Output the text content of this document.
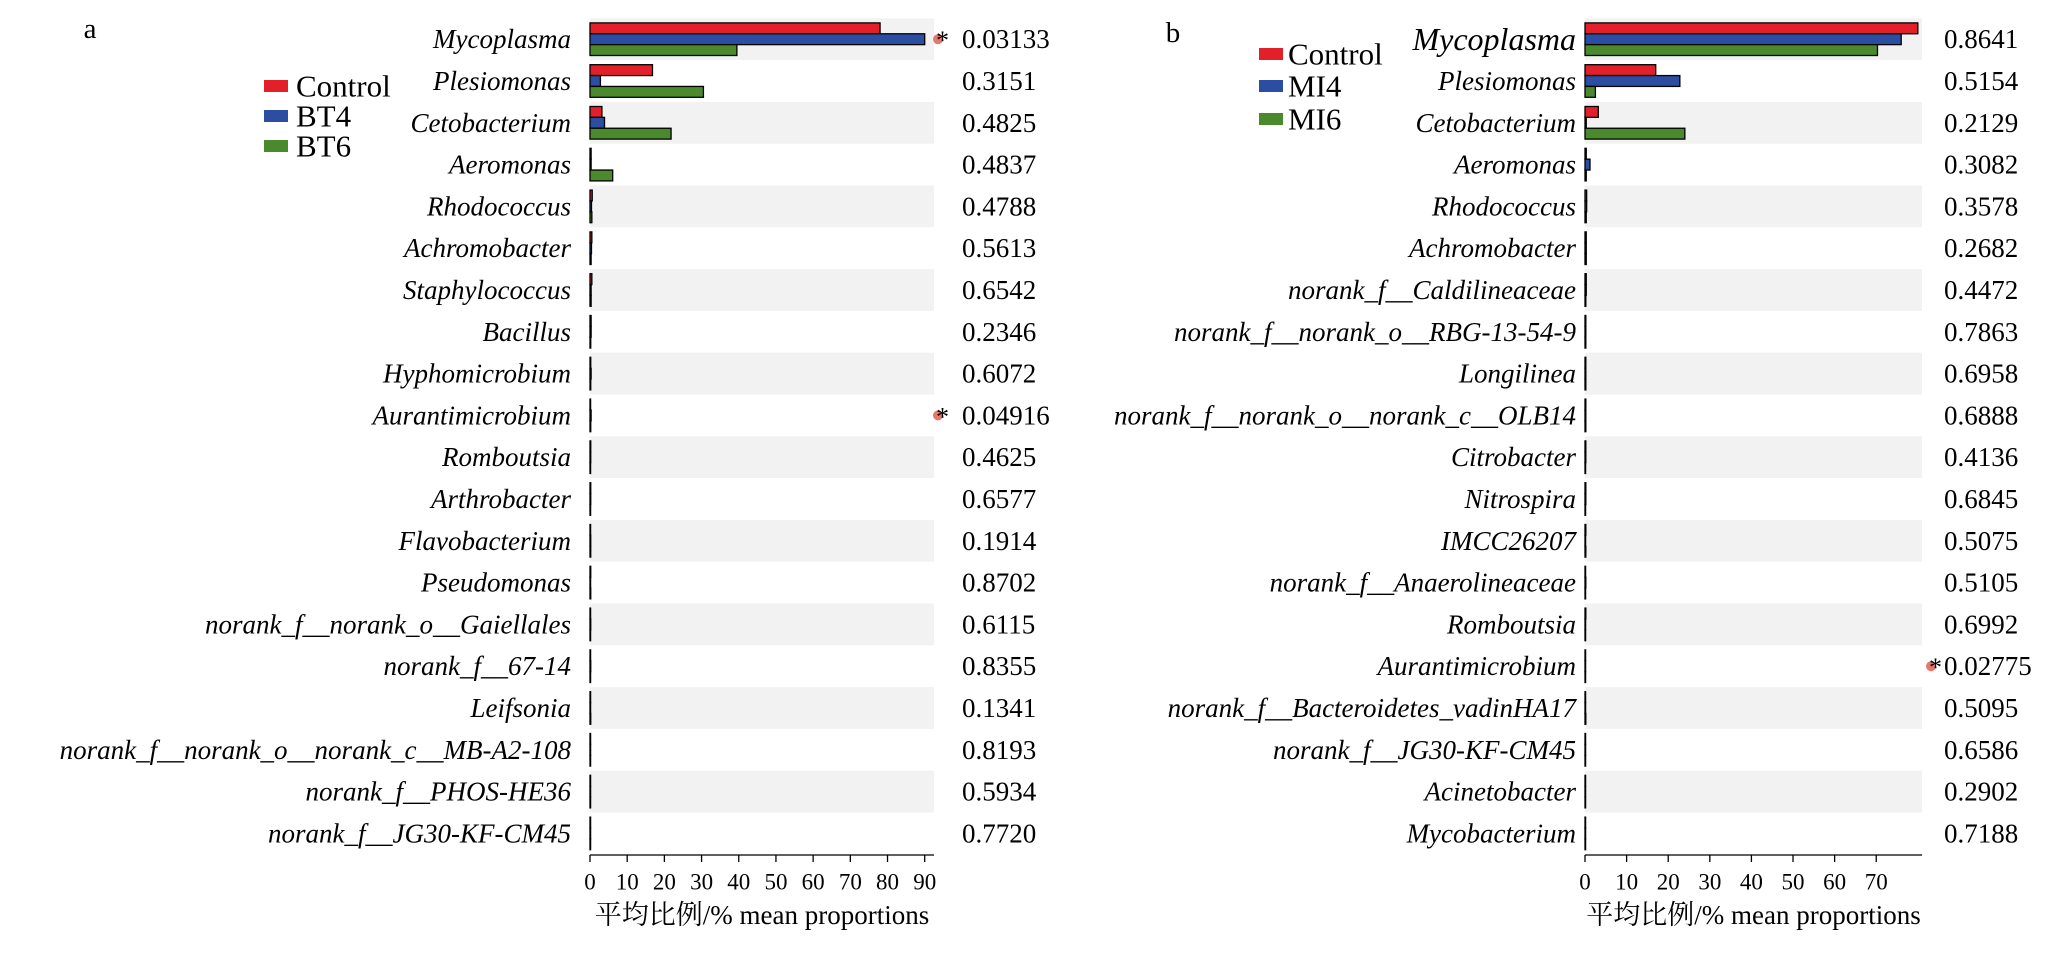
a	Mycoplasma	0.03133
Plesiomonas	0.3151
Cetobacterium	0.4825
Aeromonas	0.4837
Rhodococcus	0.4788
Achromobacter	0.5613
Staphylococcus	0.6542
Bacillus	0.2346
Hyphomicrobium	0.6072
Aurantimicrobium	0.04916
Romboutsia	0.4625
Arthrobacter	0.6577
Flavobacterium	0.1914
Pseudomonas	0.8702
norank_f__norank_o__Gaiellales	0.6115
norank_f__67-14	0.8355
Leifsonia	0.1341
norank_f__norank_o__norank_c__MB-A2-108	0.8193
norank_f__PHOS-HE36	0.5934
norank_f__JG30-KF-CM45	0.7720
*
*
0 10 20 30 40 50 60 70 80 90
平均比例/% mean proportions
Control
BT4
BT6
b	Mycoplasma	0.8641
Plesiomonas	0.5154
Cetobacterium	0.2129
Aeromonas	0.3082
Rhodococcus	0.3578
Achromobacter	0.2682
norank_f__Caldilineaceae	0.4472
norank_f__norank_o__RBG-13-54-9	0.7863
Longilinea	0.6958
norank_f__norank_o__norank_c__OLB14	0.6888
Citrobacter	0.4136
Nitrospira	0.6845
IMCC26207	0.5075
norank_f__Anaerolineaceae	0.5105
Romboutsia	0.6992
Aurantimicrobium	0.02775
norank_f__Bacteroidetes_vadinHA17	0.5095
norank_f__JG30-KF-CM45	0.6586
Acinetobacter	0.2902
Mycobacterium	0.7188
*
0 10 20 30 40 50 60 70
平均比例/% mean proportions
Control
MI4
MI6
